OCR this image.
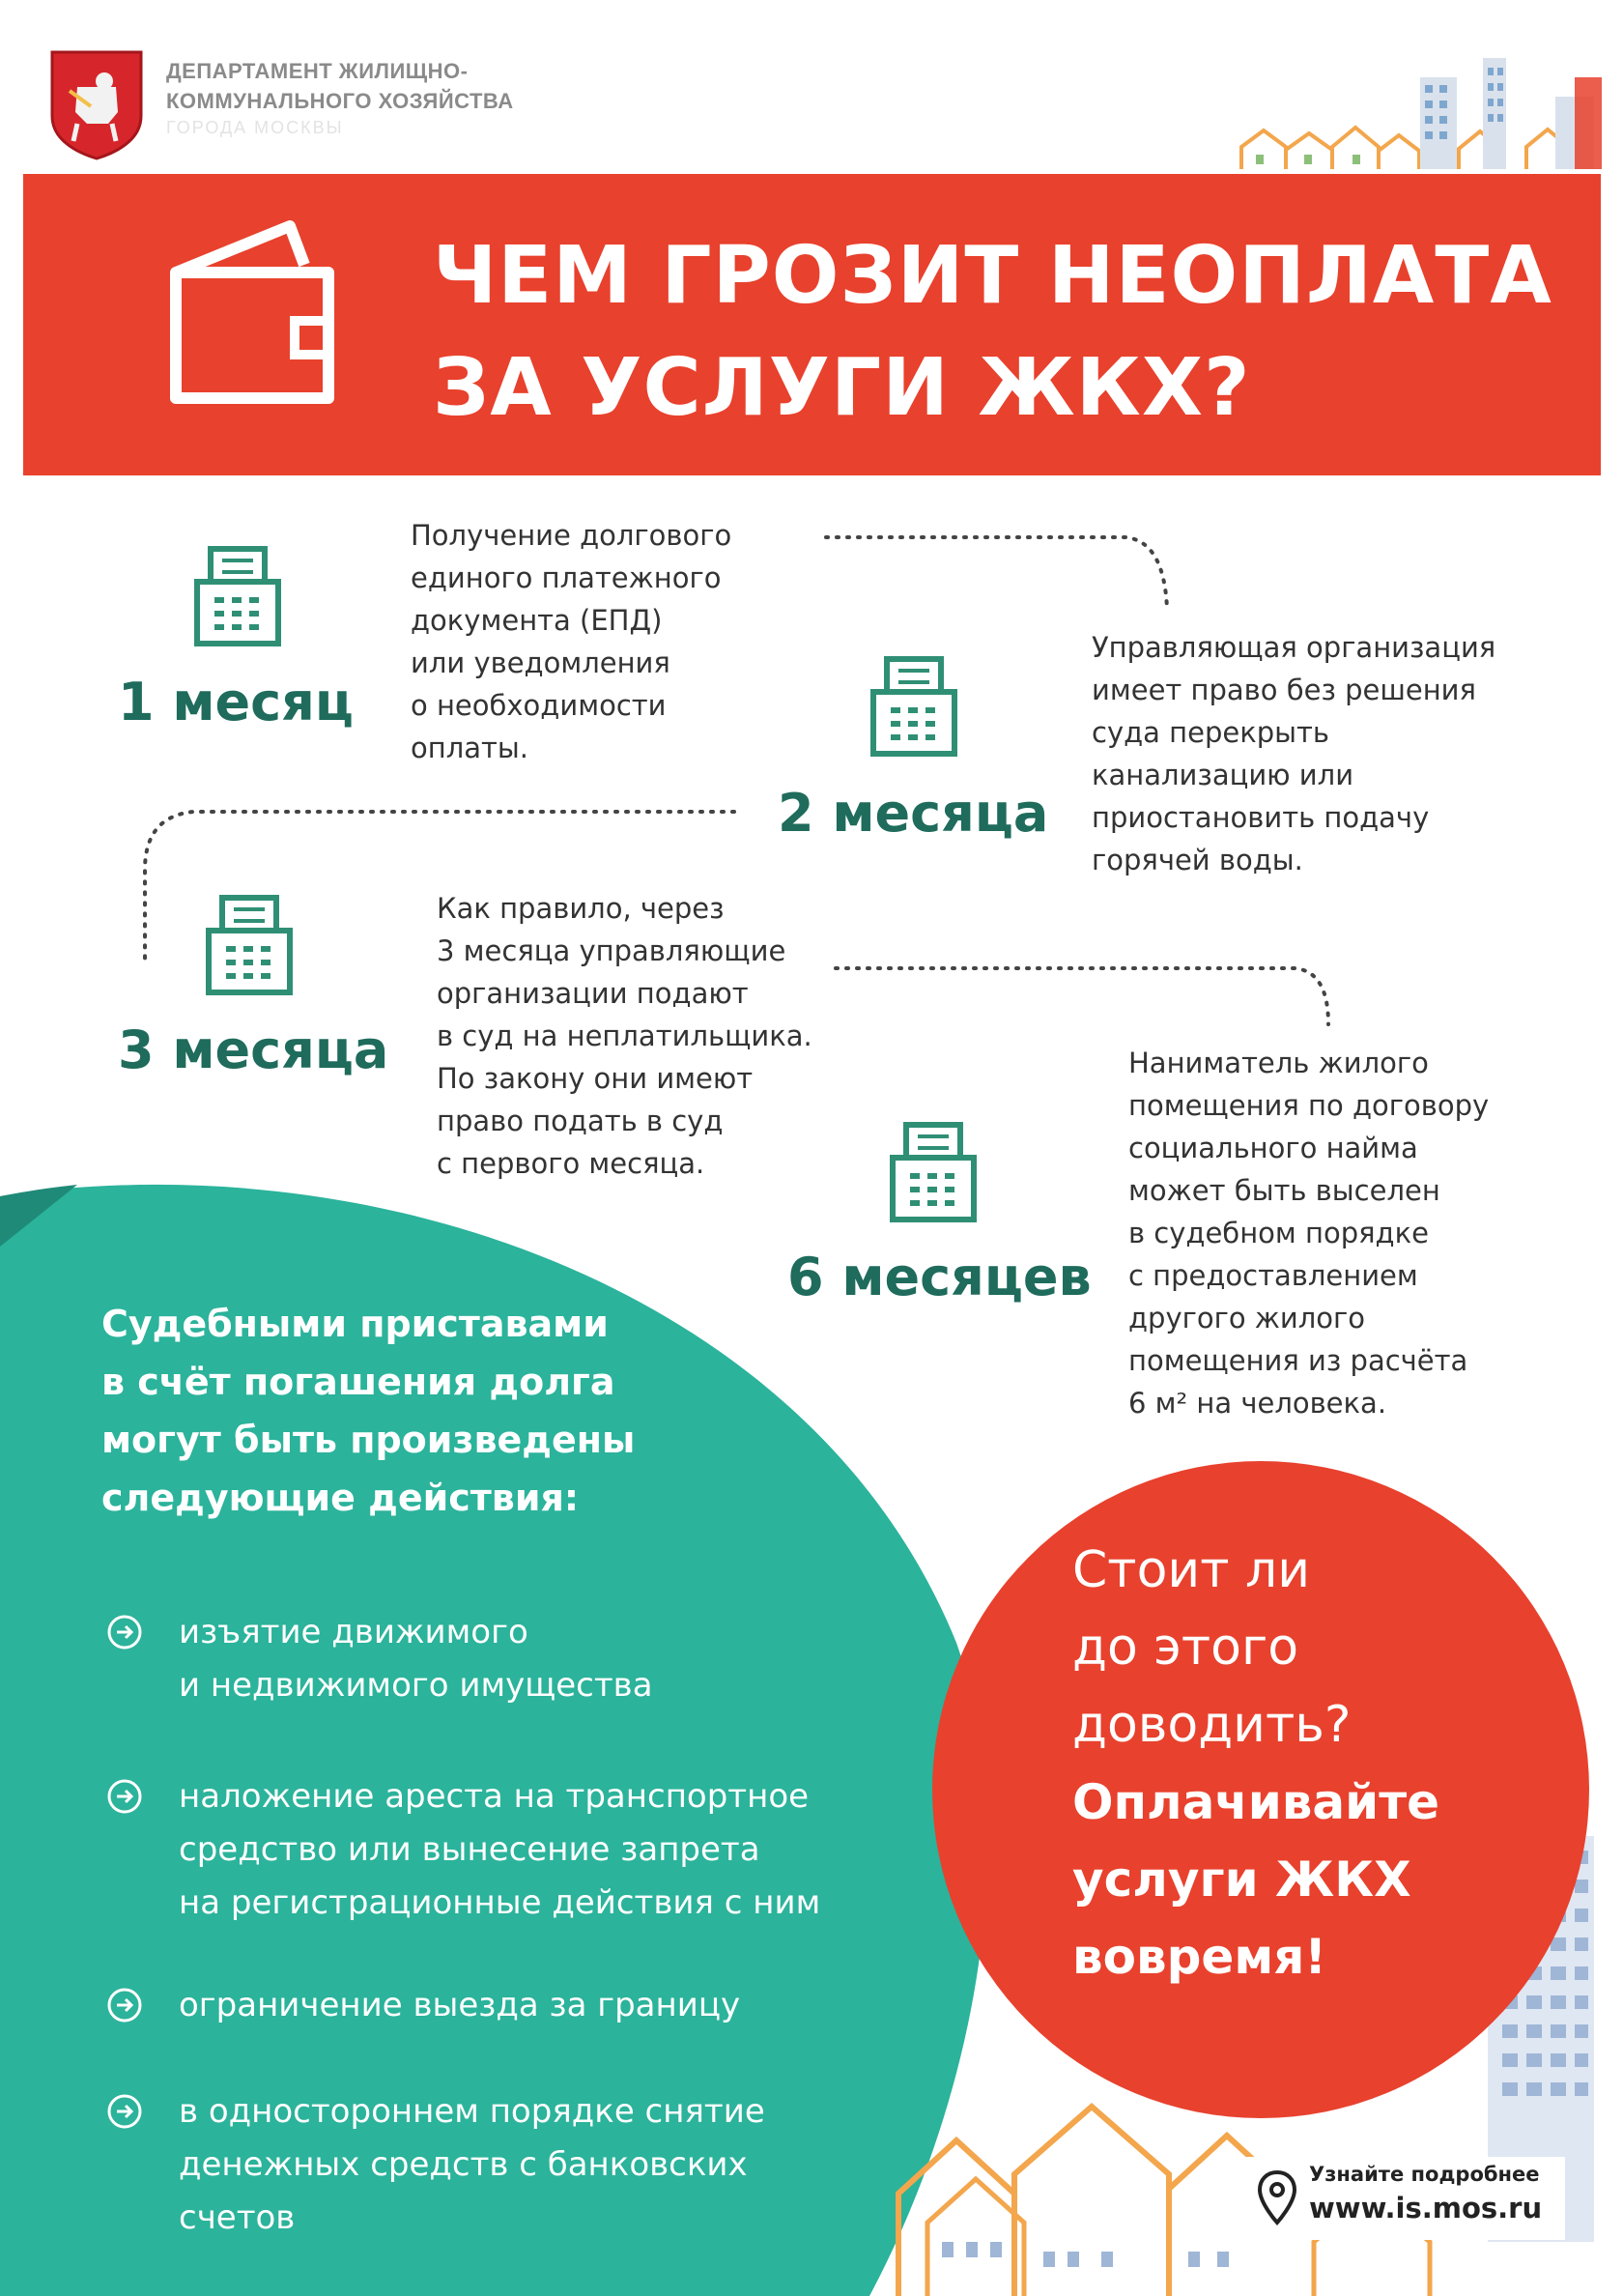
ДЕПАРТАМЕНТ ЖИЛИЩНО-
КОММУНАЛЬНОГО ХОЗЯЙСТВА
ГОРОДА МОСКВЫ
ЧЕМ ГРОЗИТ НЕОПЛАТА
ЗА УСЛУГИ ЖКХ?
1 месяц
2 месяца
3 месяца
6 месяцев
Получение долгового
единого платежного
документа (ЕПД)
или уведомления
о необходимости
оплаты.
Управляющая организация
имеет право без решения
суда перекрыть
канализацию или
приостановить подачу
горячей воды.
Как правило, через
3 месяца управляющие
организации подают
в суд на неплатильщика.
По закону они имеют
право подать в суд
с первого месяца.
Наниматель жилого
помещения по договору
социального найма
может быть выселен
в судебном порядке
с предоставлением
другого жилого
помещения из расчёта
6 м² на человека.
Судебными приставами
в счёт погашения долга
могут быть произведены
следующие действия:
изъятие движимого
и недвижимого имущества
наложение ареста на транспортное
средство или вынесение запрета
на регистрационные действия с ним
ограничение выезда за границу
в одностороннем порядке снятие
денежных средств с банковских
счетов
Стоит ли
до этого
доводить?
Оплачивайте
услуги ЖКХ
вовремя!
Узнайте подробнее
www.is.mos.ru
